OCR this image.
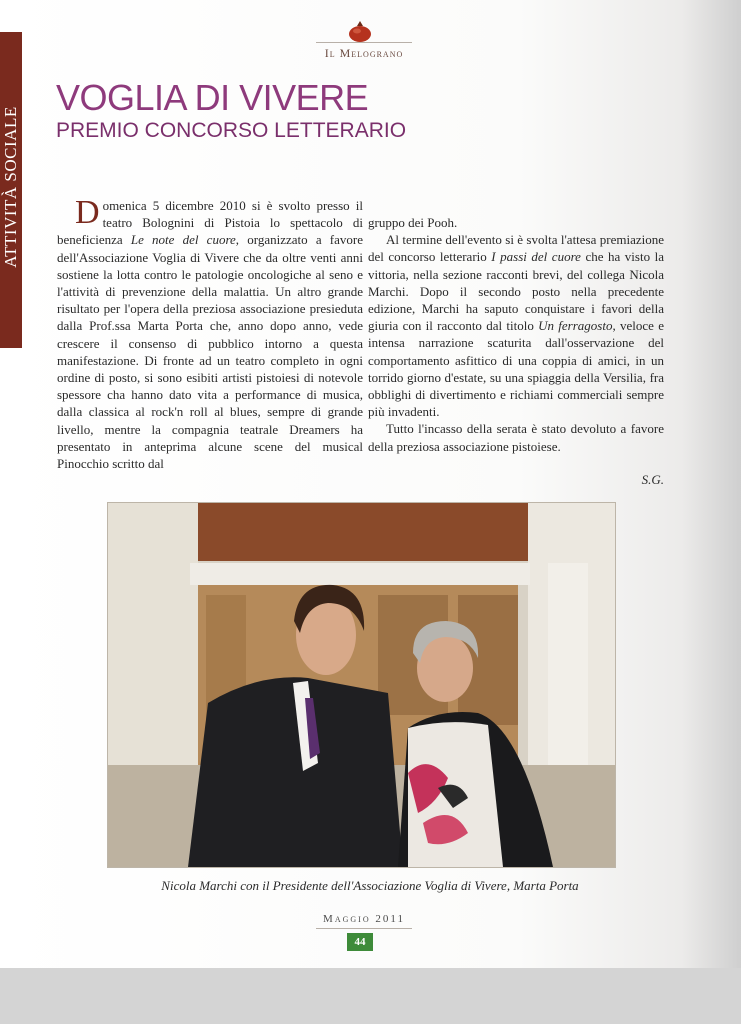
ATTIVITÀ SOCIALE
Il Melograno
VOGLIA DI VIVERE
PREMIO CONCORSO LETTERARIO

Domenica 5 dicembre 2010 si è svolto presso il teatro Bolognini di Pistoia lo spettacolo di beneficienza Le note del cuore, organizzato a favore dell'Associazione Voglia di Vivere che da oltre venti anni sostiene la lotta contro le patologie oncologiche al seno e l'attività di prevenzione della malattia. Un altro grande risultato per l'opera della preziosa associazione presieduta dalla Prof.ssa Marta Porta che, anno dopo anno, vede crescere il consenso di pubblico intorno a questa manifestazione. Di fronte ad un teatro completo in ogni ordine di posto, si sono esibiti artisti pistoiesi di notevole spessore cha hanno dato vita a performance di musica, dalla classica al rock'n roll al blues, sempre di grande livello, mentre la compagnia teatrale Dreamers ha presentato in anteprima alcune scene del musical Pinocchio scritto dal

gruppo dei Pooh.

Al termine dell'evento si è svolta l'attesa premiazione del concorso letterario I passi del cuore che ha visto la vittoria, nella sezione racconti brevi, del collega Nicola Marchi. Dopo il secondo posto nella precedente edizione, Marchi ha saputo conquistare i favori della giuria con il racconto dal titolo Un ferragosto, veloce e intensa narrazione scaturita dall'osservazione del comportamento asfittico di una coppia di amici, in un torrido giorno d'estate, su una spiaggia della Versilia, fra obblighi di divertimento e richiami commerciali sempre più invadenti.

Tutto l'incasso della serata è stato devoluto a favore della preziosa associazione pistoiese.

S.G.
Nicola Marchi con il Presidente dell'Associazione Voglia di Vivere, Marta Porta
Maggio 2011
44
